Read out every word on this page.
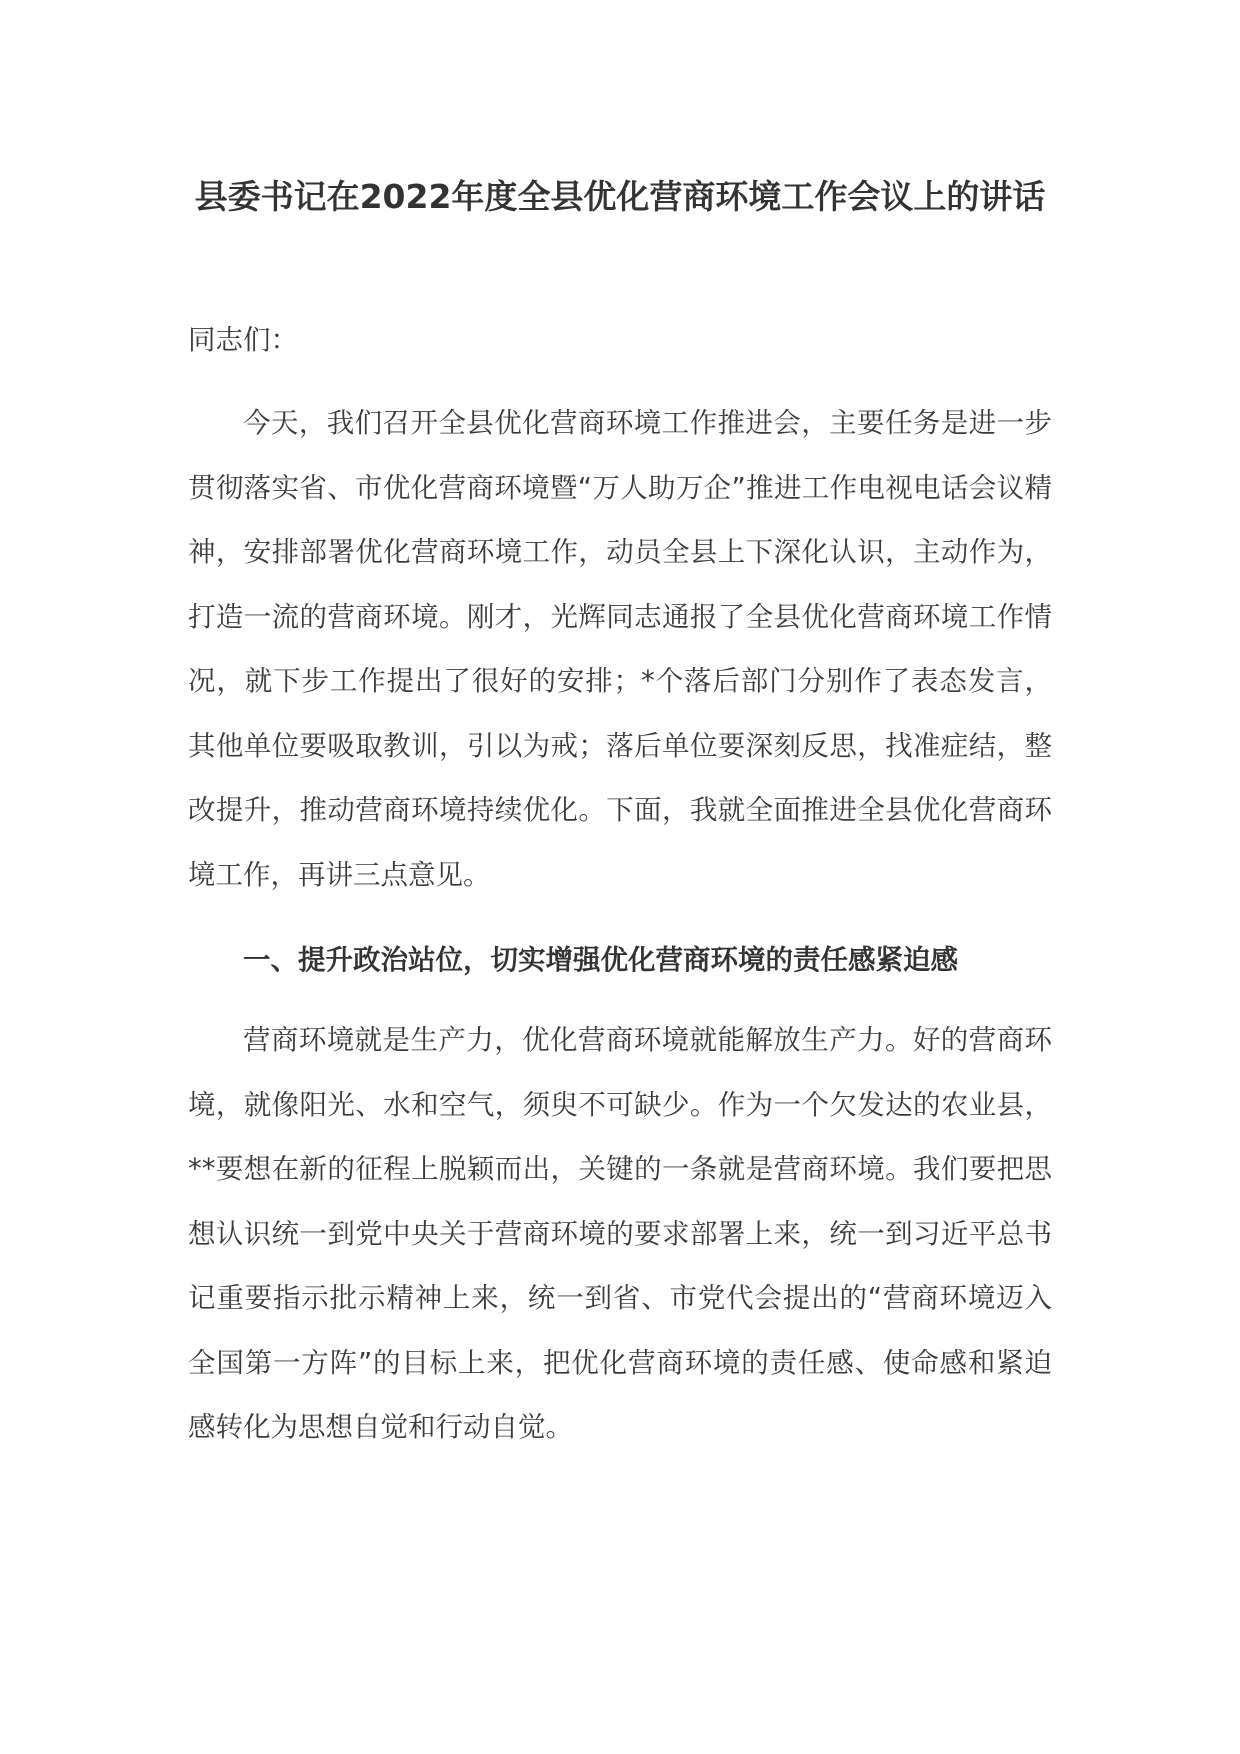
县委书记在2022年度全县优化营商环境工作会议上的讲话

同志们：

今天，我们召开全县优化营商环境工作推进会，主要任务是进一步贯彻落实省、市优化营商环境暨“万人助万企”推进工作电视电话会议精神，安排部署优化营商环境工作，动员全县上下深化认识，主动作为，打造一流的营商环境。刚才，光辉同志通报了全县优化营商环境工作情况，就下步工作提出了很好的安排；*个落后部门分别作了表态发言，其他单位要吸取教训，引以为戒；落后单位要深刻反思，找准症结，整改提升，推动营商环境持续优化。下面，我就全面推进全县优化营商环境工作，再讲三点意见。

一、提升政治站位，切实增强优化营商环境的责任感紧迫感

营商环境就是生产力，优化营商环境就能解放生产力。好的营商环境，就像阳光、水和空气，须臾不可缺少。作为一个欠发达的农业县，**要想在新的征程上脱颖而出，关键的一条就是营商环境。我们要把思想认识统一到党中央关于营商环境的要求部署上来，统一到习近平总书记重要指示批示精神上来，统一到省、市党代会提出的“营商环境迈入全国第一方阵”的目标上来，把优化营商环境的责任感、使命感和紧迫感转化为思想自觉和行动自觉。
